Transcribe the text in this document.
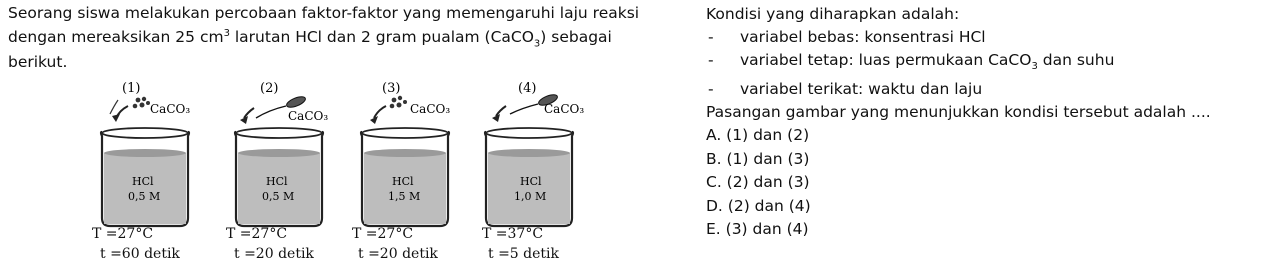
Seorang siswa melakukan percobaan faktor-faktor yang memengaruhi laju reaksi
dengan mereaksikan 25 $cm^3$ larutan HCl dan 2 gram pualam (CaCO$_3$) sebagai
berikut.
(1)
CaCO₃
HCl
0,5 M
T =27°C
t =60 detik
(2)
CaCO₃
HCl
0,5 M
T =27°C
t =20 detik
(3)
CaCO₃
HCl
1,5 M
T =27°C
t =20 detik
(4)
CaCO₃
HCl
1,0 M
T =37°C
t =5 detik
Kondisi yang diharapkan adalah:
- variabel bebas: konsentrasi HCl
- variabel tetap: luas permukaan CaCO$_3$ dan suhu
- variabel terikat: waktu dan laju
Pasangan gambar yang menunjukkan kondisi tersebut adalah ....
A. (1) dan (2)
B. (1) dan (3)
C. (2) dan (3)
D. (2) dan (4)
E. (3) dan (4)
